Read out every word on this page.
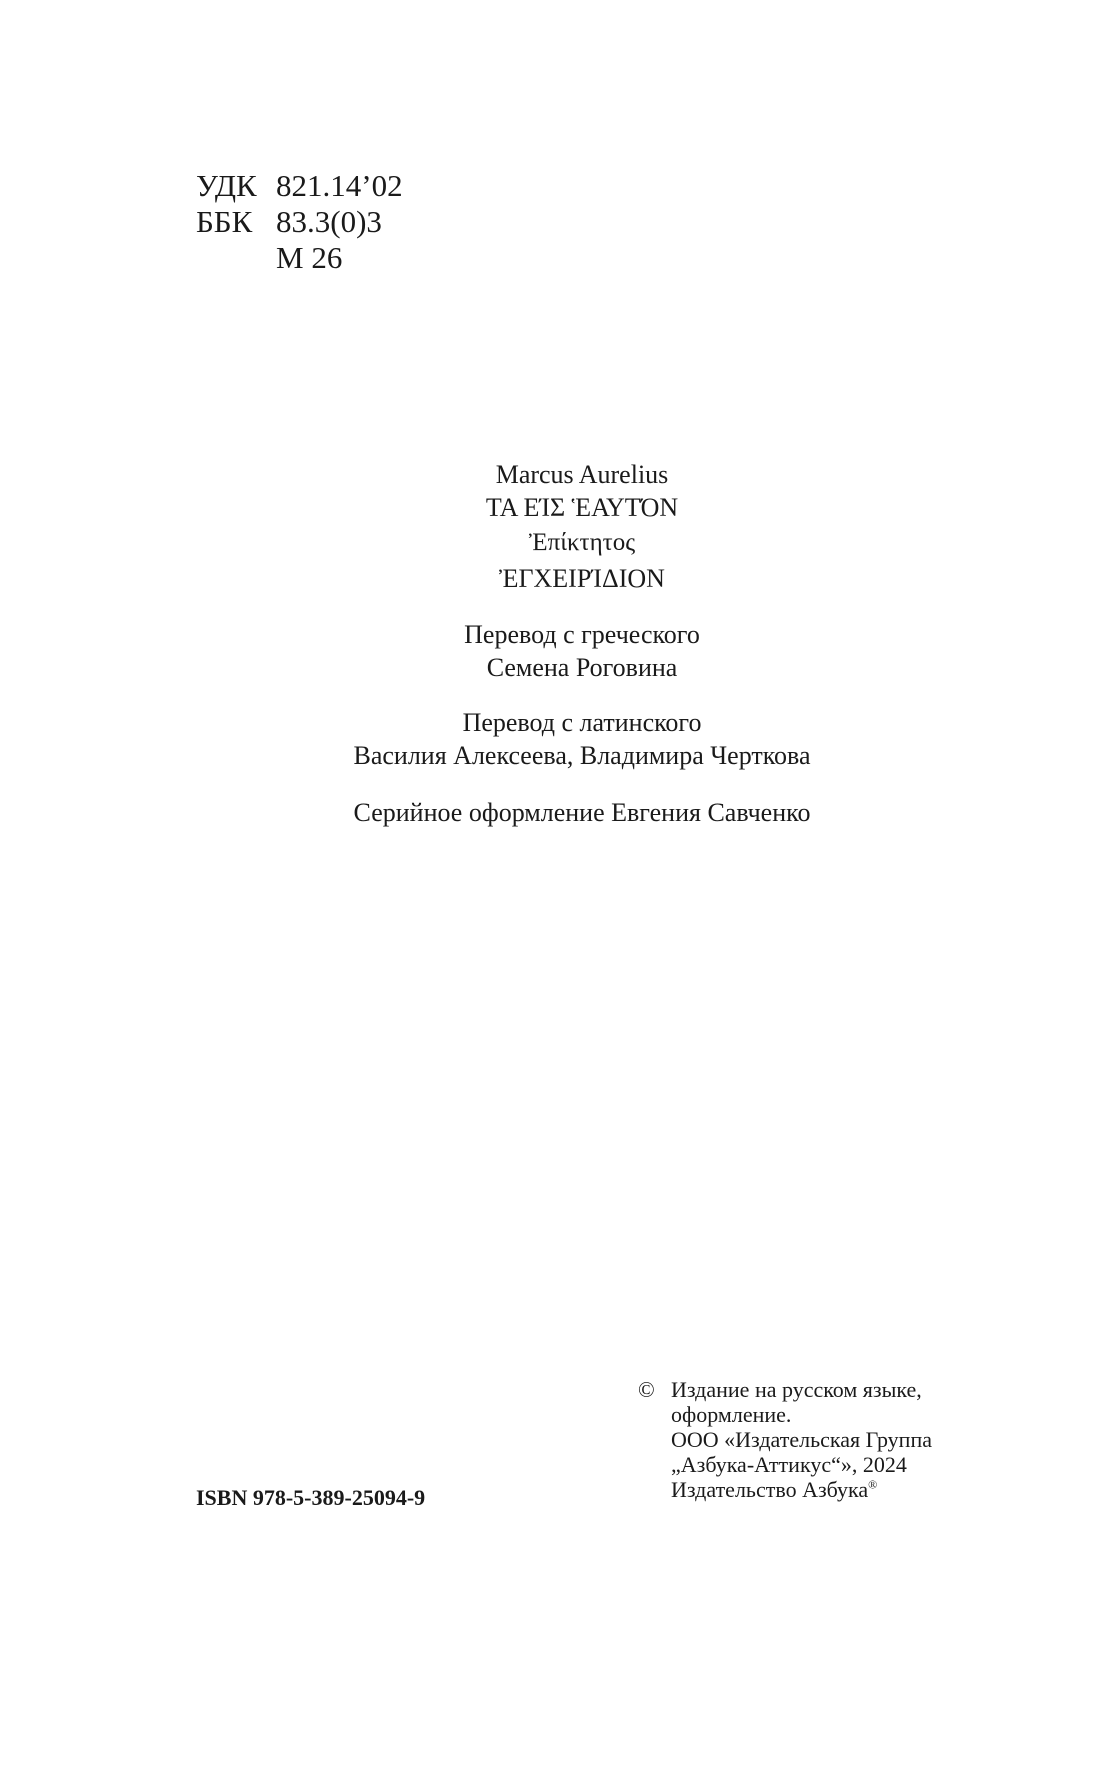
УДК 821.14’02
ББК 83.3(0)3
М 26
Marcus Aurelius
ΤΑ ΕΊΣ ἙΑΥΤΌΝ
Ἐπίκτητος
ἘΓΧΕΙΡΊΔΙΟΝ
Перевод с греческого
Семена Роговина
Перевод с латинского
Василия Алексеева, Владимира Черткова
Серийное оформление Евгения Савченко
ISBN 978-5-389-25094-9
© Издание на русском языке,
оформление.
ООО «Издательская Группа
„Азбука-Аттикус“», 2024
Издательство Азбука®
